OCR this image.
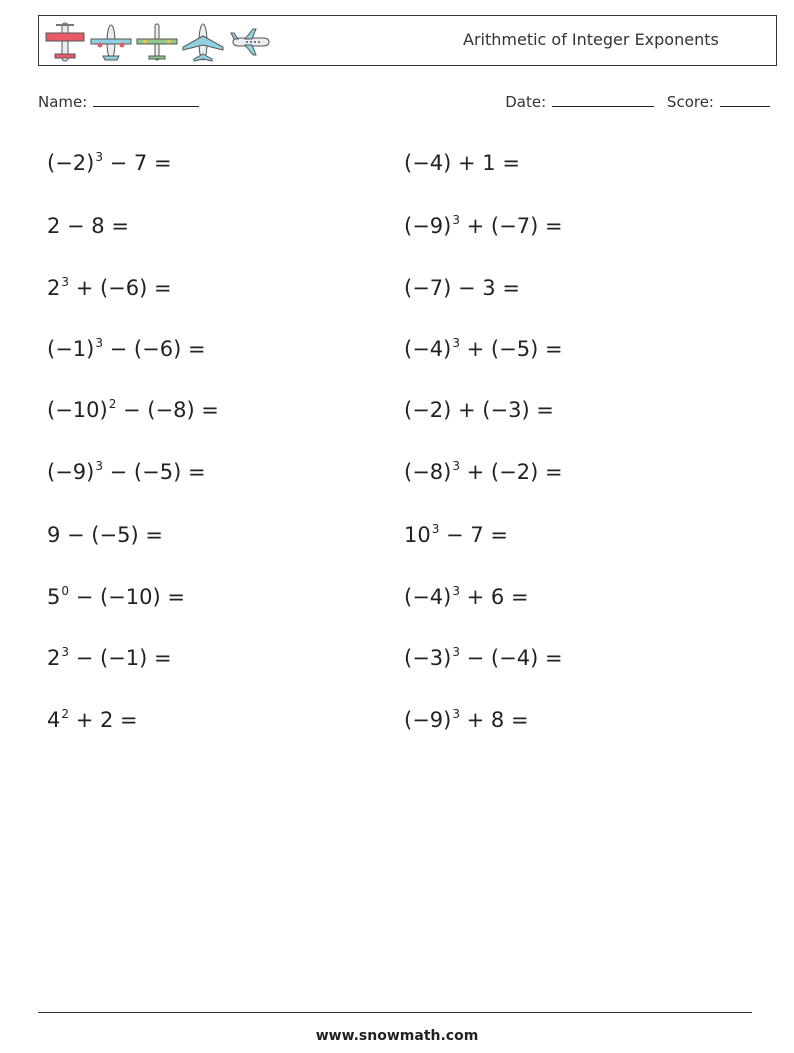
Arithmetic of Integer Exponents
Name:	Date:	Score:
$(-2)^3 - 7$ =
2 − 8 =
$2^3 + (-6)$ =
$(-1)^3 - (-6)$ =
$(-10)^2 - (-8)$ =
$(-9)^3 - (-5)$ =
9 − (−5) =
$5^0 - (-10)$ =
$2^3 - (-1)$ =
$4^2 + 2$ =
(−4) + 1 =
$(-9)^3 + (-7)$ =
(−7) − 3 =
$(-4)^3 + (-5)$ =
(−2) + (−3) =
$(-8)^3 + (-2)$ =
$10^3 - 7$ =
$(-4)^3 + 6$ =
$(-3)^3 - (-4)$ =
$(-9)^3 + 8$ =
www.snowmath.com
